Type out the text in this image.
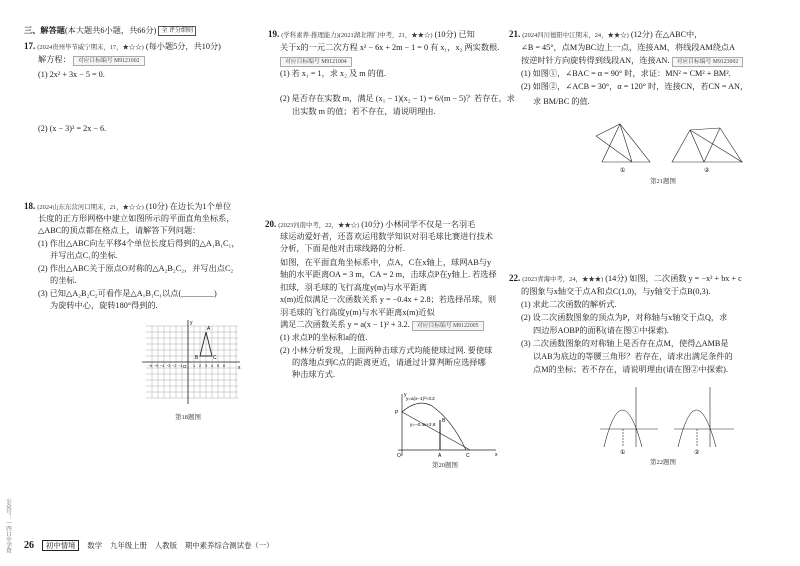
三、解答题(本大题共6小题，共66分) 全 评分细则
17. (2024贵州毕节威宁期末，17，★☆☆) (每小题5分，共10分)
解方程： 对应目标编号 M9121002
(1) 2x² + 3x − 5 = 0.
(2) (x − 3)² = 2x − 6.
18. (2024山东东营河口期末，21，★☆☆) (10分) 在边长为1个单位
长度的正方形网格中建立如图所示的平面直角坐标系，
△ABC的顶点都在格点上，请解答下列问题：
(1) 作出△ABC向左平移4个单位长度后得到的△A₁B₁C₁，
并写出点C₁的坐标.
(2) 作出△ABC关于原点O对称的△A₂B₂C₂，并写出点C₂
的坐标.
(3) 已知△A₂B₂C₂可看作是△A₁B₁C₁以点(________)
为旋转中心，旋转180°得到的.
A
B	C
x
y
O
−6 −5 −4 −3 −2 −1	1 2 3 4 5 6
第18题图
19. (学科素养·推理能力)(2021湖北荆门中考，21，★★☆) (10分) 已知
关于x的一元二次方程 x² − 6x + 2m − 1 = 0 有 x₁，x₂ 两实数根.
对应目标编号 M9121004
(1) 若 x₁ = 1，求 x₂ 及 m 的值.
(2) 是否存在实数 m，满足 (x₁ − 1)(x₂ − 1) = 6/(m − 5)？若存在，求
出实数 m 的值；若不存在，请说明理由.
20. (2023河南中考，22，★★☆) (10分) 小林同学不仅是一名羽毛
球运动爱好者，还喜欢运用数学知识对羽毛球比赛进行技术
分析，下面是他对击球线路的分析.
如图，在平面直角坐标系中，点A，C在x轴上，球网AB与y
轴的水平距离OA = 3 m，CA = 2 m，击球点P在y轴上. 若选择
扣球，羽毛球的飞行高度y(m)与水平距离
x(m)近似满足一次函数关系 y = −0.4x + 2.8；若选择吊球，则
羽毛球的飞行高度y(m)与水平距离x(m)近似
满足二次函数关系 y = a(x − 1)² + 3.2. 对应目标编号 M9122005
(1) 求点P的坐标和a的值.
(2) 小林分析发现，上面两种击球方式均能使球过网. 要使球
的落地点到C点的距离更近，请通过计算判断应选择哪
种击球方式.
y=a(x−1)²+3.2
y=−0.4x+2.8
P
O	A
B
C	x
y
第20题图
21. (2024四川德阳中江期末，24，★★☆) (12分) 在△ABC中，
∠B = 45°，点M为BC边上一点，连接AM，将线段AM绕点A
按逆时针方向旋转得到线段AN，连接AN. 对应目标编号 M9123002
(1) 如图①，∠BAC = α = 90° 时，求证：MN² = CM² + BM².
(2) 如图②，∠ACB = 30°，α = 120° 时，连接CN，若CN = AN，
求 BM/BC 的值.
①	②
第21题图
22. (2023青海中考，24，★★★) (14分) 如图，二次函数 y = −x² + bx + c
的图象与x轴交于点A和点C(1,0)，与y轴交于点B(0,3).
(1) 求此二次函数的解析式.
(2) 设二次函数图象的顶点为P，对称轴与x轴交于点Q，求
四边形AOBP的面积(请在图①中探索).
(3) 二次函数图象的对称轴上是否存在点M，使得△AMB是
以AB为底边的等腰三角形？若存在，请求出满足条件的
点M的坐标；若不存在，请说明理由(请在图②中探索).
①	②
第22题图
26 初中情境 数学 九年级上册 人教版 期中素养综合测试卷（一）
公众号：一四口中学资
